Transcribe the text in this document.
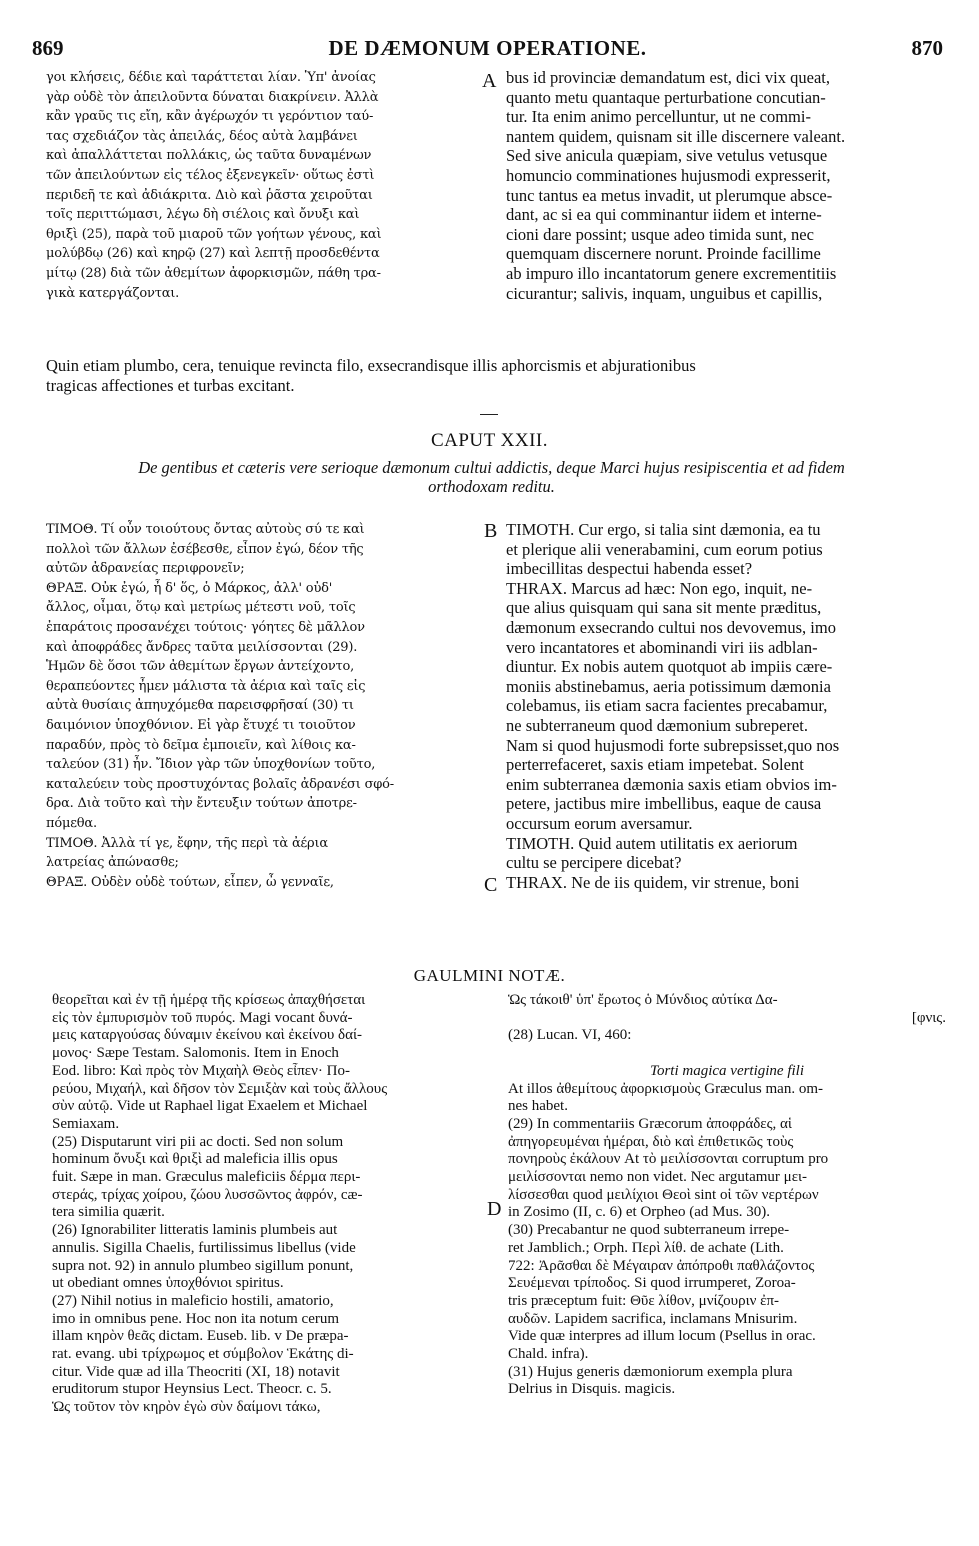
869	DE DÆMONUM OPERATIONE.	870
γοι κλήσεις, δέδιε καὶ ταράττεται λίαν. Ὑπ' ἀνοίας
γὰρ οὐδὲ τὸν ἀπειλοῦντα δύναται διακρίνειν. Ἀλλὰ
κἂν γραῦς τις εἴη, κἂν ἀγέρωχόν τι γερόντιον ταύ-
τας σχεδιάζον τὰς ἀπειλάς, δέος αὐτὰ λαμβάνει
καὶ ἀπαλλάττεται πολλάκις, ὡς ταῦτα δυναμένων
τῶν ἀπειλούντων εἰς τέλος ἐξενεγκεῖν· οὕτως ἐστὶ
περιδεῆ τε καὶ ἀδιάκριτα. Διὸ καὶ ῥᾶστα χειροῦται
τοῖς περιττώμασι, λέγω δὴ σιέλοις καὶ ὄνυξι καὶ
θριξὶ (25), παρὰ τοῦ μιαροῦ τῶν γοήτων γένους, καὶ
μολύβδῳ (26) καὶ κηρῷ (27) καὶ λεπτῇ προσδεθέντα
μίτῳ (28) διὰ τῶν ἀθεμίτων ἀφορκισμῶν, πάθη τρα-
γικὰ κατεργάζονται.
bus id provinciæ demandatum est, dici vix queat,
quanto metu quantaque perturbatione concutian-
tur. Ita enim animo percelluntur, ut ne commi-
nantem quidem, quisnam sit ille discernere valeant.
Sed sive anicula quæpiam, sive vetulus vetusque
homuncio comminationes hujusmodi expresserit,
tunc tantus ea metus invadit, ut plerumque absce-
dant, ac si ea qui comminantur iidem et interne-
cioni dare possint; usque adeo timida sunt, nec
quemquam discernere norunt. Proinde facillime
ab impuro illo incantatorum genere excrementitiis
cicurantur; salivis, inquam, unguibus et capillis,
A
Quin etiam plumbo, cera, tenuique revincta filo, exsecrandisque illis aphorcismis et abjurationibus
tragicas affectiones et turbas excitant.
CAPUT XXII.
De gentibus et cæteris vere serioque dæmonum cultui addictis, deque Marci hujus resipiscentia et ad fidem
orthodoxam reditu.
ΤΙΜΟΘ. Τί οὖν τοιούτους ὄντας αὐτοὺς σύ τε καὶ
πολλοὶ τῶν ἄλλων ἐσέβεσθε, εἶπον ἐγώ, δέον τῆς
αὐτῶν ἀδρανείας περιφρονεῖν;
ΘΡΑΞ. Οὐκ ἐγώ, ἦ δ' ὅς, ὁ Μάρκος, ἀλλ' οὐδ'
ἄλλος, οἶμαι, ὅτῳ καὶ μετρίως μέτεστι νοῦ, τοῖς
ἐπαράτοις προσανέχει τούτοις· γόητες δὲ μᾶλλον
καὶ ἀποφράδες ἄνδρες ταῦτα μειλίσσονται (29).
Ἡμῶν δὲ ὅσοι τῶν ἀθεμίτων ἔργων ἀντείχοντο,
θεραπεύοντες ἦμεν μάλιστα τὰ ἀέρια καὶ ταῖς εἰς
αὐτὰ θυσίαις ἀπηυχόμεθα παρεισφρῆσαί (30) τι
δαιμόνιον ὑποχθόνιον. Εἰ γὰρ ἔτυχέ τι τοιοῦτον
παραδύν, πρὸς τὸ δεῖμα ἐμποιεῖν, καὶ λίθοις κα-
ταλεύον (31) ἦν. Ἴδιον γὰρ τῶν ὑποχθονίων τοῦτο,
καταλεύειν τοὺς προστυχόντας βολαῖς ἀδρανέσι σφό-
δρα. Διὰ τοῦτο καὶ τὴν ἔντευξιν τούτων ἀποτρε-
πόμεθα.
ΤΙΜΟΘ. Ἀλλὰ τί γε, ἔφην, τῆς περὶ τὰ ἀέρια
λατρείας ἀπώνασθε;
ΘΡΑΞ. Οὐδὲν οὐδὲ τούτων, εἶπεν, ὦ γενναῖε,
TIMOTH. Cur ergo, si talia sint dæmonia, ea tu
et plerique alii venerabamini, cum eorum potius
imbecillitas despectui habenda esset?
THRAX. Marcus ad hæc: Non ego, inquit, ne-
que alius quisquam qui sana sit mente præditus,
dæmonum exsecrando cultui nos devovemus, imo
vero incantatores et abominandi viri iis adblan-
diuntur. Ex nobis autem quotquot ab impiis cære-
moniis abstinebamus, aeria potissimum dæmonia
colebamus, iis etiam sacra facientes precabamur,
ne subterraneum quod dæmonium subreperet.
Nam si quod hujusmodi forte subrepsisset,quo nos
perterrefaceret, saxis etiam impetebat. Solent
enim subterranea dæmonia saxis etiam obvios im-
petere, jactibus mire imbellibus, eaque de causa
occursum eorum aversamur.
TIMOTH. Quid autem utilitatis ex aeriorum
cultu se percipere dicebat?
THRAX. Ne de iis quidem, vir strenue, boni
B
C
GAULMINI NOTÆ.
θεορεῖται καὶ ἐν τῇ ἡμέρᾳ τῆς κρίσεως ἀπαχθήσεται
εἰς τὸν ἐμπυρισμὸν τοῦ πυρός. Magi vocant δυνά-
μεις καταργούσας δύναμιν ἐκείνου καὶ ἐκείνου δαί-
μονος· Sæpe Testam. Salomonis. Item in Enoch
Eod. libro: Καὶ πρὸς τὸν Μιχαὴλ Θεὸς εἶπεν· Πο-
ρεύου, Μιχαήλ, καὶ δῆσον τὸν Σεμιξὰν καὶ τοὺς ἄλλους
σὺν αὐτῷ. Vide ut Raphael ligat Exaelem et Michael
Semiaxam.
(25) Disputarunt viri pii ac docti. Sed non solum
hominum ὄνυξι καὶ θριξὶ ad maleficia illis opus
fuit. Sæpe in man. Græculus maleficiis δέρμα περι-
στεράς, τρίχας χοίρου, ζώου λυσσῶντος ἀφρόν, cæ-
tera similia quærit.
(26) Ignorabiliter litteratis laminis plumbeis aut
annulis. Sigilla Chaelis, furtilissimus libellus (vide
supra not. 92) in annulo plumbeo sigillum ponunt,
ut obediant omnes ὑποχθόνιοι spiritus.
(27) Nihil notius in maleficio hostili, amatorio,
imo in omnibus pene. Hoc non ita notum cerum
illam κηρὸν θεᾶς dictam. Euseb. lib. v De præpa-
rat. evang. ubi τρίχρωμος et σύμβολον Ἑκάτης di-
citur. Vide quæ ad illa Theocriti (XI, 18) notavit
eruditorum stupor Heynsius Lect. Theocr. c. 5.
Ὡς τοῦτον τὸν κηρὸν ἐγὼ σὺν δαίμονι τάκω,
Ὡς τάκοιθ' ὑπ' ἔρωτος ὁ Μύνδιος αὐτίκα Δα-
[φνις.
(28) Lucan. VI, 460:
Torti magica vertigine fili
At illos ἀθεμίτους ἀφορκισμοὺς Græculus man. om-
nes habet.
(29) In commentariis Græcorum ἀποφράδες, αἱ
ἀπηγορευμέναι ἡμέραι, διὸ καὶ ἐπιθετικῶς τοὺς
πονηροὺς ἐκάλουν At τὸ μειλίσσονται corruptum pro
μειλίσσονται nemo non videt. Nec argutamur μει-
λίσσεσθαι quod μειλίχιοι Θεοὶ sint οἱ τῶν νερτέρων
in Zosimo (II, c. 6) et Orpheo (ad Mus. 30).
(30) Precabantur ne quod subterraneum irrepe-
ret Jamblich.; Orph. Περὶ λίθ. de achate (Lith.
722: Ἀρᾶσθαι δὲ Μέγαιραν ἀπόπροθι παθλάζοντος
Σευέμεναι τρίποδος. Si quod irrumperet, Zoroa-
tris præceptum fuit: Θῦε λίθον, μνίζουριν ἐπ-
αυδῶν. Lapidem sacrifica, inclamans Mnisurim.
Vide quæ interpres ad illum locum (Psellus in orac.
Chald. infra).
(31) Hujus generis dæmoniorum exempla plura
Delrius in Disquis. magicis.
D
